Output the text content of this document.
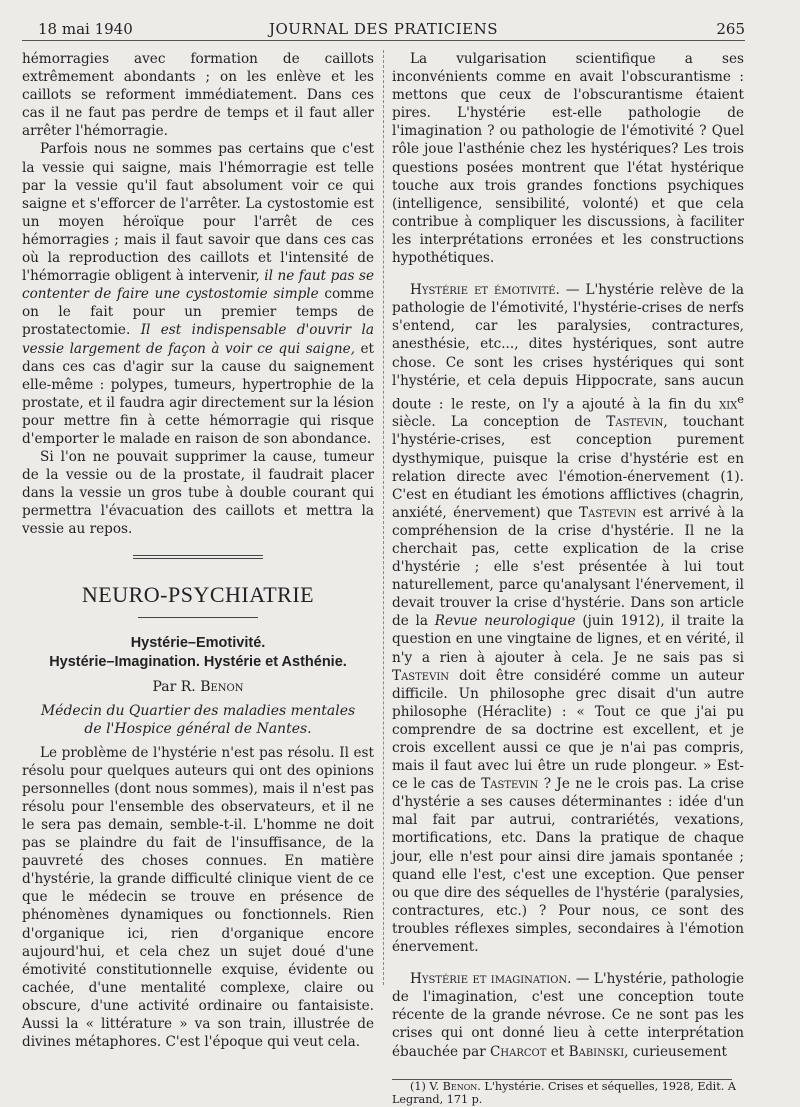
18 mai 1940	JOURNAL DES PRATICIENS	265

hémorragies avec formation de caillots extrêmement abondants ; on les enlève et les caillots se reforment immédiatement. Dans ces cas il ne faut pas perdre de temps et il faut aller arrêter l'hémorragie.

Parfois nous ne sommes pas certains que c'est la vessie qui saigne, mais l'hémorragie est telle par la vessie qu'il faut absolument voir ce qui saigne et s'efforcer de l'arrêter. La cystostomie est un moyen héroïque pour l'arrêt de ces hémorragies ; mais il faut savoir que dans ces cas où la reproduction des caillots et l'intensité de l'hémorragie obligent à intervenir, il ne faut pas se contenter de faire une cystostomie simple comme on le fait pour un premier temps de prostatectomie. Il est indispensable d'ouvrir la vessie largement de façon à voir ce qui saigne, et dans ces cas d'agir sur la cause du saignement elle-même : polypes, tumeurs, hypertrophie de la prostate, et il faudra agir directement sur la lésion pour mettre fin à cette hémorragie qui risque d'emporter le malade en raison de son abondance.

Si l'on ne pouvait supprimer la cause, tumeur de la vessie ou de la prostate, il faudrait placer dans la vessie un gros tube à double courant qui permettra l'évacuation des caillots et mettra la vessie au repos.

NEURO-PSYCHIATRIE
Hystérie–Emotivité.
Hystérie–Imagination. Hystérie et Asthénie.
Par R. Benon
Médecin du Quartier des maladies mentales
de l'Hospice général de Nantes.

Le problème de l'hystérie n'est pas résolu. Il est résolu pour quelques auteurs qui ont des opinions personnelles (dont nous sommes), mais il n'est pas résolu pour l'ensemble des observateurs, et il ne le sera pas demain, semble-t-il. L'homme ne doit pas se plaindre du fait de l'insuffisance, de la pauvreté des choses connues. En matière d'hystérie, la grande difficulté clinique vient de ce que le médecin se trouve en présence de phénomènes dynamiques ou fonctionnels. Rien d'organique ici, rien d'organique encore aujourd'hui, et cela chez un sujet doué d'une émotivité constitutionnelle exquise, évidente ou cachée, d'une mentalité complexe, claire ou obscure, d'une activité ordinaire ou fantaisiste. Aussi la « littérature » va son train, illustrée de divines métaphores. C'est l'époque qui veut cela.

La vulgarisation scientifique a ses inconvénients comme en avait l'obscurantisme : mettons que ceux de l'obscurantisme étaient pires. L'hystérie est-elle pathologie de l'imagination ? ou pathologie de l'émotivité ? Quel rôle joue l'asthénie chez les hystériques? Les trois questions posées montrent que l'état hystérique touche aux trois grandes fonctions psychiques (intelligence, sensibilité, volonté) et que cela contribue à compliquer les discussions, à faciliter les interprétations erronées et les constructions hypothétiques.

Hystérie et émotivité. — L'hystérie relève de la pathologie de l'émotivité, l'hystérie-crises de nerfs s'entend, car les paralysies, contractures, anesthésie, etc..., dites hystériques, sont autre chose. Ce sont les crises hystériques qui sont l'hystérie, et cela depuis Hippocrate, sans aucun doute : le reste, on l'y a ajouté à la fin du xix$^e$ siècle. La conception de Tastevin, touchant l'hystérie-crises, est conception purement dysthymique, puisque la crise d'hystérie est en relation directe avec l'émotion-énervement (1). C'est en étudiant les émotions afflictives (chagrin, anxiété, énervement) que Tastevin est arrivé à la compréhension de la crise d'hystérie. Il ne la cherchait pas, cette explication de la crise d'hystérie ; elle s'est présentée à lui tout naturellement, parce qu'analysant l'énervement, il devait trouver la crise d'hystérie. Dans son article de la Revue neurologique (juin 1912), il traite la question en une vingtaine de lignes, et en vérité, il n'y a rien à ajouter à cela. Je ne sais pas si Tastevin doit être considéré comme un auteur difficile. Un philosophe grec disait d'un autre philosophe (Héraclite) : « Tout ce que j'ai pu comprendre de sa doctrine est excellent, et je crois excellent aussi ce que je n'ai pas compris, mais il faut avec lui être un rude plongeur. » Est-ce le cas de Tastevin ? Je ne le crois pas. La crise d'hystérie a ses causes déterminantes : idée d'un mal fait par autrui, contrariétés, vexations, mortifications, etc. Dans la pratique de chaque jour, elle n'est pour ainsi dire jamais spontanée ; quand elle l'est, c'est une exception. Que penser ou que dire des séquelles de l'hystérie (paralysies, contractures, etc.) ? Pour nous, ce sont des troubles réflexes simples, secondaires à l'émotion énervement.

Hystérie et imagination. — L'hystérie, pathologie de l'imagination, c'est une conception toute récente de la grande névrose. Ce ne sont pas les crises qui ont donné lieu à cette interprétation ébauchée par Charcot et Babinski, curieusement

(1) V. Benon. L'hystérie. Crises et séquelles, 1928, Edit. A Legrand, 171 p.
